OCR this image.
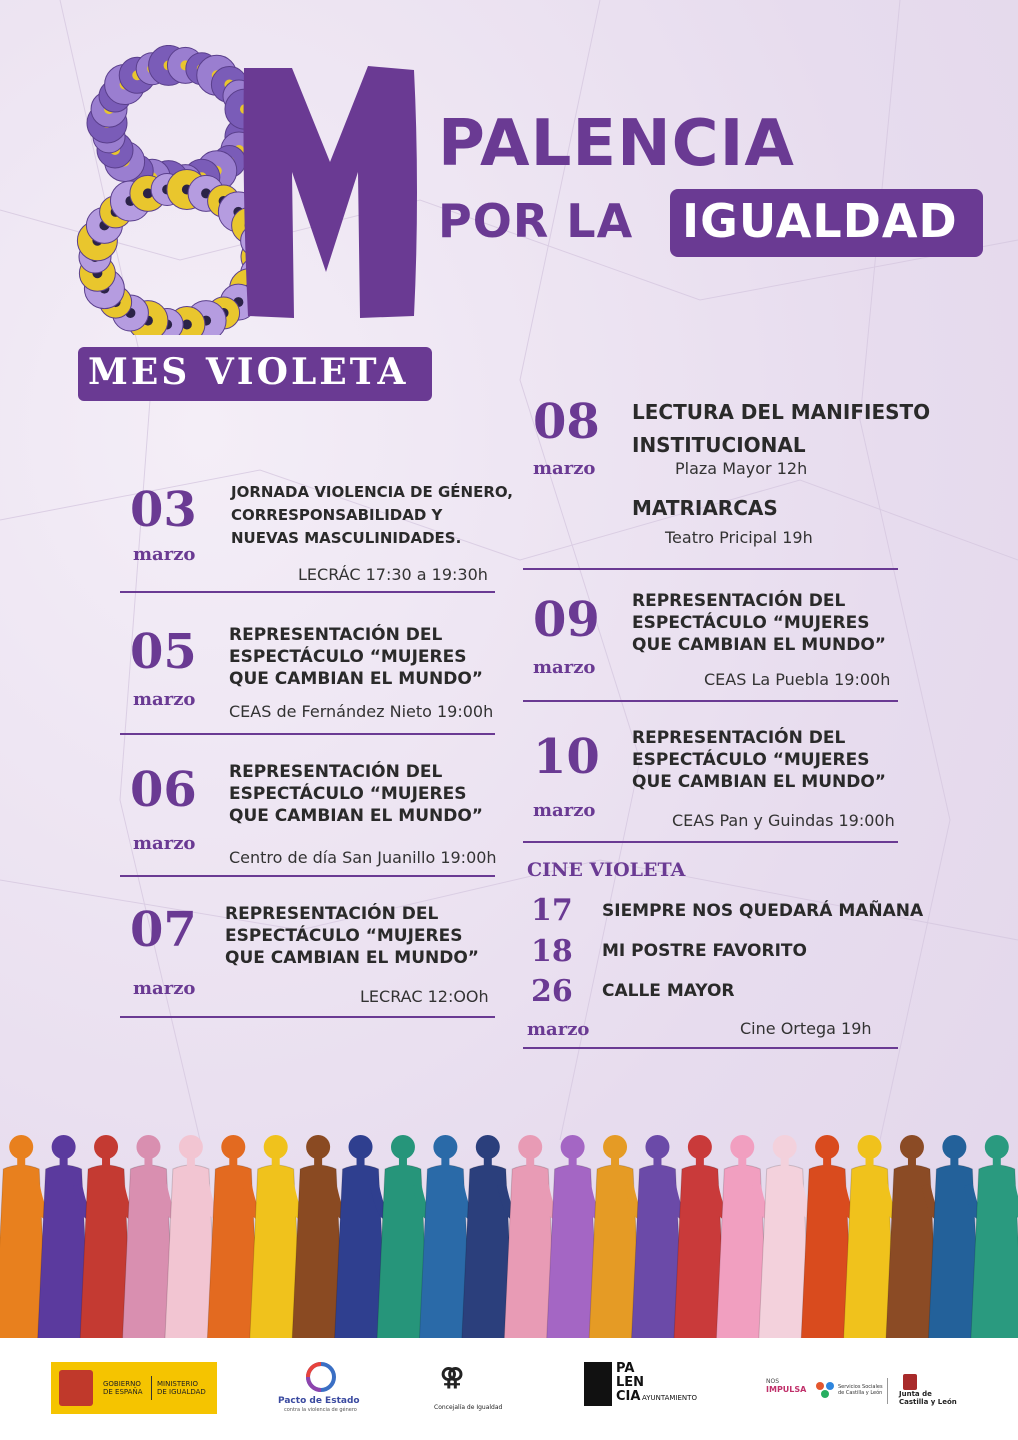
PALENCIA
POR LA IGUALDAD
MES VIOLETA
03
marzo
JORNADA VIOLENCIA DE GÉNERO,
CORRESPONSABILIDAD Y
NUEVAS MASCULINIDADES.
LECRÁC 17:30 a 19:30h
05
marzo
REPRESENTACIÓN DEL
ESPECTÁCULO “MUJERES
QUE CAMBIAN EL MUNDO”
CEAS de Fernández Nieto 19:00h
06
marzo
REPRESENTACIÓN DEL
ESPECTÁCULO “MUJERES
QUE CAMBIAN EL MUNDO”
Centro de día San Juanillo 19:00h
07
marzo
REPRESENTACIÓN DEL
ESPECTÁCULO “MUJERES
QUE CAMBIAN EL MUNDO”
LECRAC 12:OOh
08
marzo
LECTURA DEL MANIFIESTO
INSTITUCIONAL
Plaza Mayor 12h
MATRIARCAS
Teatro Pricipal 19h
09
marzo
REPRESENTACIÓN DEL
ESPECTÁCULO “MUJERES
QUE CAMBIAN EL MUNDO”
CEAS La Puebla 19:00h
10
marzo
REPRESENTACIÓN DEL
ESPECTÁCULO “MUJERES
QUE CAMBIAN EL MUNDO”
CEAS Pan y Guindas 19:00h
CINE VIOLETA
17 SIEMPRE NOS QUEDARÁ MAÑANA
18 MI POSTRE FAVORITO
26 CALLE MAYOR
marzo	Cine Ortega 19h
GOBIERNO
DE ESPAÑA
MINISTERIO
DE IGUALDAD
Pacto de Estado
contra la violencia de género
⚢
Concejalía de Igualdad
PA
LEN
CIA AYUNTAMIENTO
NOS
IMPULSA	Servicios Sociales
de Castilla y León Junta de
Castilla y León
